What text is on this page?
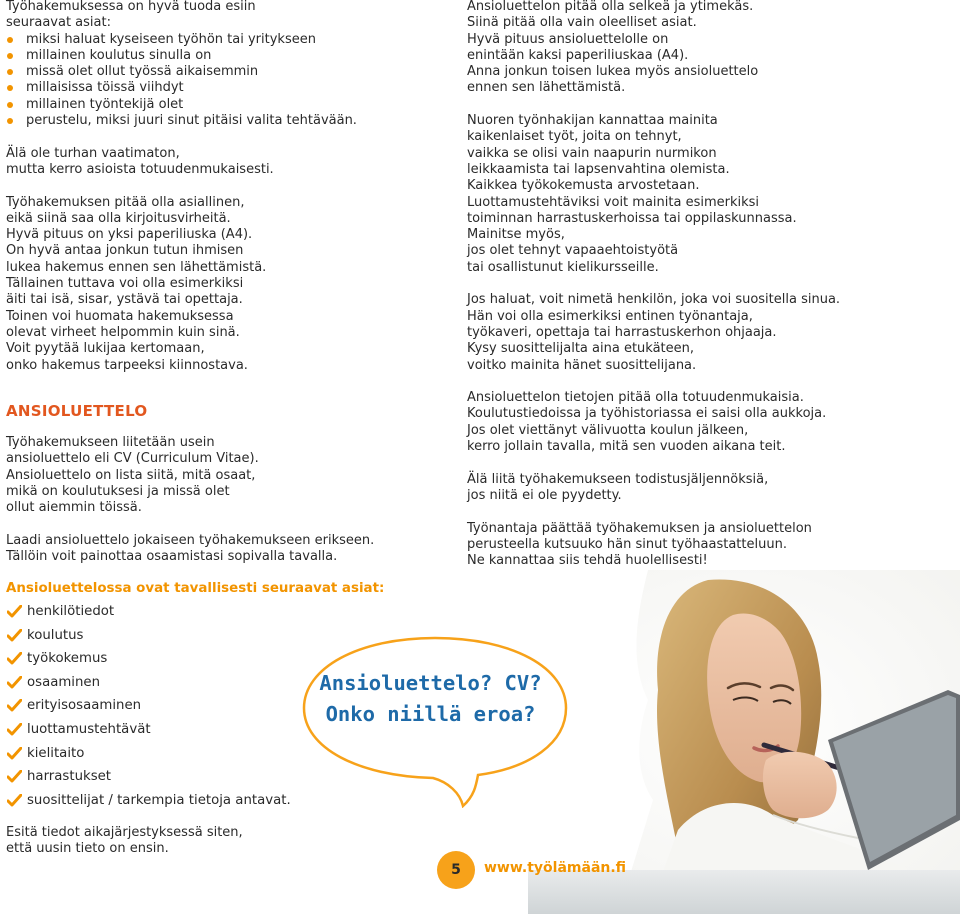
Työhakemuksessa on hyvä tuoda esiin
seuraavat asiat:
miksi haluat kyseiseen työhön tai yritykseen
millainen koulutus sinulla on
missä olet ollut työssä aikaisemmin
millaisissa töissä viihdyt
millainen työntekijä olet
perustelu, miksi juuri sinut pitäisi valita tehtävään.
Älä ole turhan vaatimaton,
mutta kerro asioista totuudenmukaisesti.
Työhakemuksen pitää olla asiallinen,
eikä siinä saa olla kirjoitusvirheitä.
Hyvä pituus on yksi paperiliuska (A4).
On hyvä antaa jonkun tutun ihmisen
lukea hakemus ennen sen lähettämistä.
Tällainen tuttava voi olla esimerkiksi
äiti tai isä, sisar, ystävä tai opettaja.
Toinen voi huomata hakemuksessa
olevat virheet helpommin kuin sinä.
Voit pyytää lukijaa kertomaan,
onko hakemus tarpeeksi kiinnostava.
ANSIOLUETTELO
Työhakemukseen liitetään usein
ansioluettelo eli CV (Curriculum Vitae).
Ansioluettelo on lista siitä, mitä osaat,
mikä on koulutuksesi ja missä olet
ollut aiemmin töissä.
Laadi ansioluettelo jokaiseen työhakemukseen erikseen.
Tällöin voit painottaa osaamistasi sopivalla tavalla.
Ansioluettelossa ovat tavallisesti seuraavat asiat:
henkilötiedot
koulutus
työkokemus
osaaminen
erityisosaaminen
luottamustehtävät
kielitaito
harrastukset
suosittelijat / tarkempia tietoja antavat.
Esitä tiedot aikajärjestyksessä siten,
että uusin tieto on ensin.
Ansioluettelon pitää olla selkeä ja ytimekäs.
Siinä pitää olla vain oleelliset asiat.
Hyvä pituus ansioluettelolle on
enintään kaksi paperiliuskaa (A4).
Anna jonkun toisen lukea myös ansioluettelo
ennen sen lähettämistä.
Nuoren työnhakijan kannattaa mainita
kaikenlaiset työt, joita on tehnyt,
vaikka se olisi vain naapurin nurmikon
leikkaamista tai lapsenvahtina olemista.
Kaikkea työkokemusta arvostetaan.
Luottamustehtäviksi voit mainita esimerkiksi
toiminnan harrastuskerhoissa tai oppilaskunnassa.
Mainitse myös,
jos olet tehnyt vapaaehtoistyötä
tai osallistunut kielikursseille.
Jos haluat, voit nimetä henkilön, joka voi suositella sinua.
Hän voi olla esimerkiksi entinen työnantaja,
työkaveri, opettaja tai harrastuskerhon ohjaaja.
Kysy suosittelijalta aina etukäteen,
voitko mainita hänet suosittelijana.
Ansioluettelon tietojen pitää olla totuudenmukaisia.
Koulutustiedoissa ja työhistoriassa ei saisi olla aukkoja.
Jos olet viettänyt välivuotta koulun jälkeen,
kerro jollain tavalla, mitä sen vuoden aikana teit.
Älä liitä työhakemukseen todistusjäljennöksiä,
jos niitä ei ole pyydetty.
Työnantaja päättää työhakemuksen ja ansioluettelon
perusteella kutsuuko hän sinut työhaastatteluun.
Ne kannattaa siis tehdä huolellisesti!
Ansioluettelo? CV?
Onko niillä eroa?
5	www.työlämään.fi
